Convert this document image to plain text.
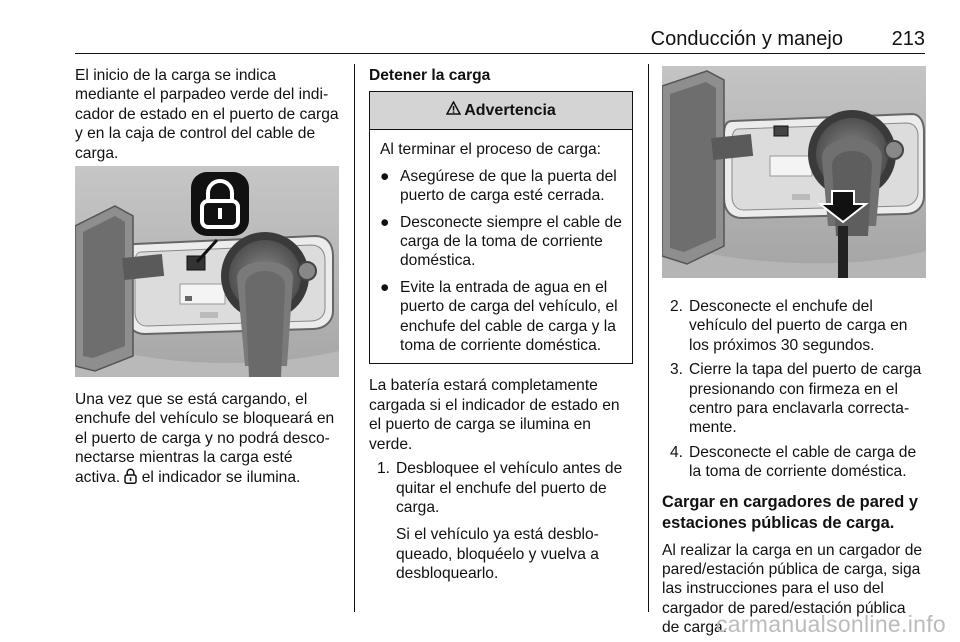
Conducción y manejo 213

El inicio de la carga se indica mediante el parpadeo verde del indi-cador de estado en el puerto de carga y en la caja de control del cable de carga.

Una vez que se está cargando, el enchufe del vehículo se bloqueará en el puerto de carga y no podrá desco-nectarse mientras la carga esté activa.  el indicador se ilumina.

Detener la carga

Advertencia

Al terminar el proceso de carga:

● Asegúrese de que la puerta del puerto de carga esté cerrada.
● Desconecte siempre el cable de carga de la toma de corriente doméstica.
● Evite la entrada de agua en el puerto de carga del vehículo, el enchufe del cable de carga y la toma de corriente doméstica.

La batería estará completamente cargada si el indicador de estado en el puerto de carga se ilumina en verde.

1. Desbloquee el vehículo antes de quitar el enchufe del puerto de carga.

Si el vehículo ya está desblo-queado, bloquéelo y vuelva a desbloquearlo.

2. Desconecte el enchufe del vehículo del puerto de carga en los próximos 30 segundos.
3. Cierre la tapa del puerto de carga presionando con firmeza en el centro para enclavarla correcta-mente.
4. Desconecte el cable de carga de la toma de corriente doméstica.

Cargar en cargadores de pared y estaciones públicas de carga.

Al realizar la carga en un cargador de pared/estación pública de carga, siga las instrucciones para el uso del cargador de pared/estación pública de carga.

carmanualsonline.info
